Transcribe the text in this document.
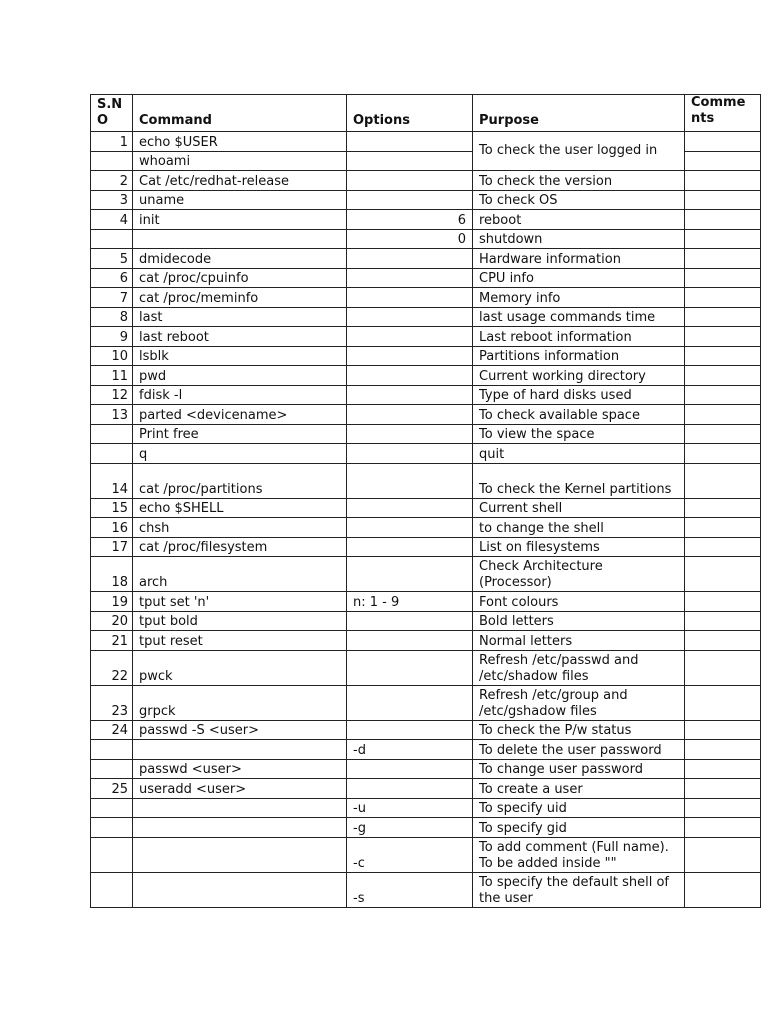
S.NO	Command	Options	Purpose	Comments
1	echo $USER		To check the user logged in	
	whoami			
2	Cat /etc/redhat-release		To check the version	
3	uname		To check OS	
4	init	6	reboot	
		0	shutdown	
5	dmidecode		Hardware information	
6	cat /proc/cpuinfo		CPU info	
7	cat /proc/meminfo		Memory info	
8	last		last usage commands time	
9	last reboot		Last reboot information	
10	lsblk		Partitions information	
11	pwd		Current working directory	
12	fdisk -l		Type of hard disks used	
13	parted <devicename>		To check available space	
	Print free		To view the space	
	q		quit	
14	cat /proc/partitions		To check the Kernel partitions	
15	echo $SHELL		Current shell	
16	chsh		to change the shell	
17	cat /proc/filesystem		List on filesystems	
18	arch		Check Architecture (Processor)	
19	tput set 'n'	n: 1 - 9	Font colours	
20	tput bold		Bold letters	
21	tput reset		Normal letters	
22	pwck		Refresh /etc/passwd and /etc/shadow files	
23	grpck		Refresh /etc/group and /etc/gshadow files	
24	passwd -S <user>		To check the P/w status	
		-d	To delete the user password	
	passwd <user>		To change user password	
25	useradd <user>		To create a user	
		-u	To specify uid	
		-g	To specify gid	
		-c	To add comment (Full name). To be added inside ""	
		-s	To specify the default shell of the user	
